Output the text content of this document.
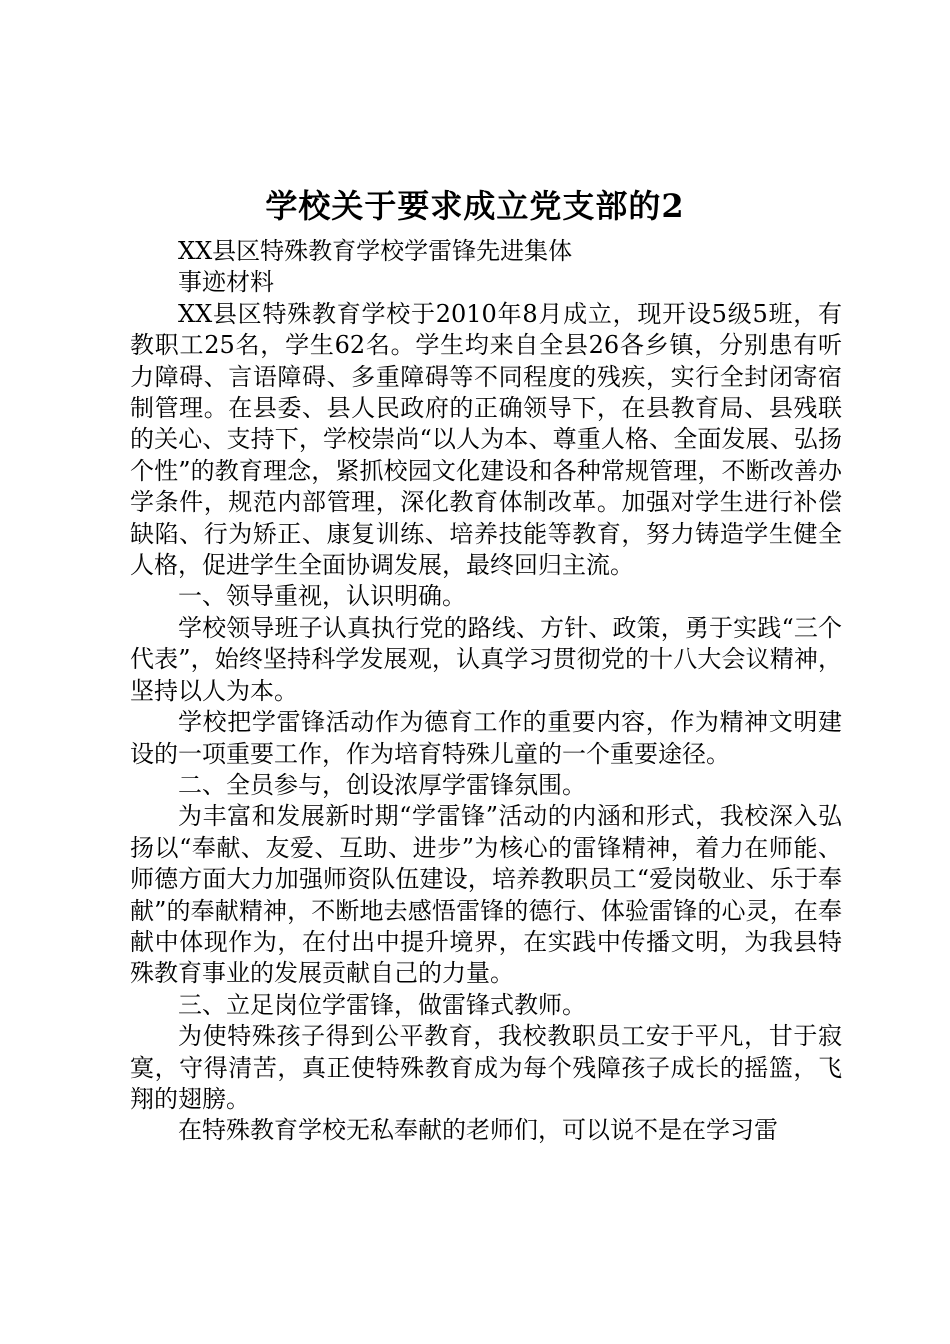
学校关于要求成立党支部的2

XX县区特殊教育学校学雷锋先进集体

事迹材料

XX县区特殊教育学校于2010年8月成立，现开设5级5班，有教职工25名，学生62名。学生均来自全县26各乡镇，分别患有听力障碍、言语障碍、多重障碍等不同程度的残疾，实行全封闭寄宿制管理。在县委、县人民政府的正确领导下，在县教育局、县残联的关心、支持下，学校崇尚“以人为本、尊重人格、全面发展、弘扬个性”的教育理念，紧抓校园文化建设和各种常规管理，不断改善办学条件，规范内部管理，深化教育体制改革。加强对学生进行补偿缺陷、行为矫正、康复训练、培养技能等教育，努力铸造学生健全人格，促进学生全面协调发展，最终回归主流。

一、领导重视，认识明确。

学校领导班子认真执行党的路线、方针、政策，勇于实践“三个代表”，始终坚持科学发展观，认真学习贯彻党的十八大会议精神，坚持以人为本。

学校把学雷锋活动作为德育工作的重要内容，作为精神文明建设的一项重要工作，作为培育特殊儿童的一个重要途径。

二、全员参与，创设浓厚学雷锋氛围。

为丰富和发展新时期“学雷锋”活动的内涵和形式，我校深入弘扬以“奉献、友爱、互助、进步”为核心的雷锋精神，着力在师能、师德方面大力加强师资队伍建设，培养教职员工“爱岗敬业、乐于奉献”的奉献精神，不断地去感悟雷锋的德行、体验雷锋的心灵，在奉献中体现作为，在付出中提升境界，在实践中传播文明，为我县特殊教育事业的发展贡献自己的力量。

三、立足岗位学雷锋，做雷锋式教师。

为使特殊孩子得到公平教育，我校教职员工安于平凡，甘于寂寞，守得清苦，真正使特殊教育成为每个残障孩子成长的摇篮，飞翔的翅膀。

在特殊教育学校无私奉献的老师们，可以说不是在学习雷
